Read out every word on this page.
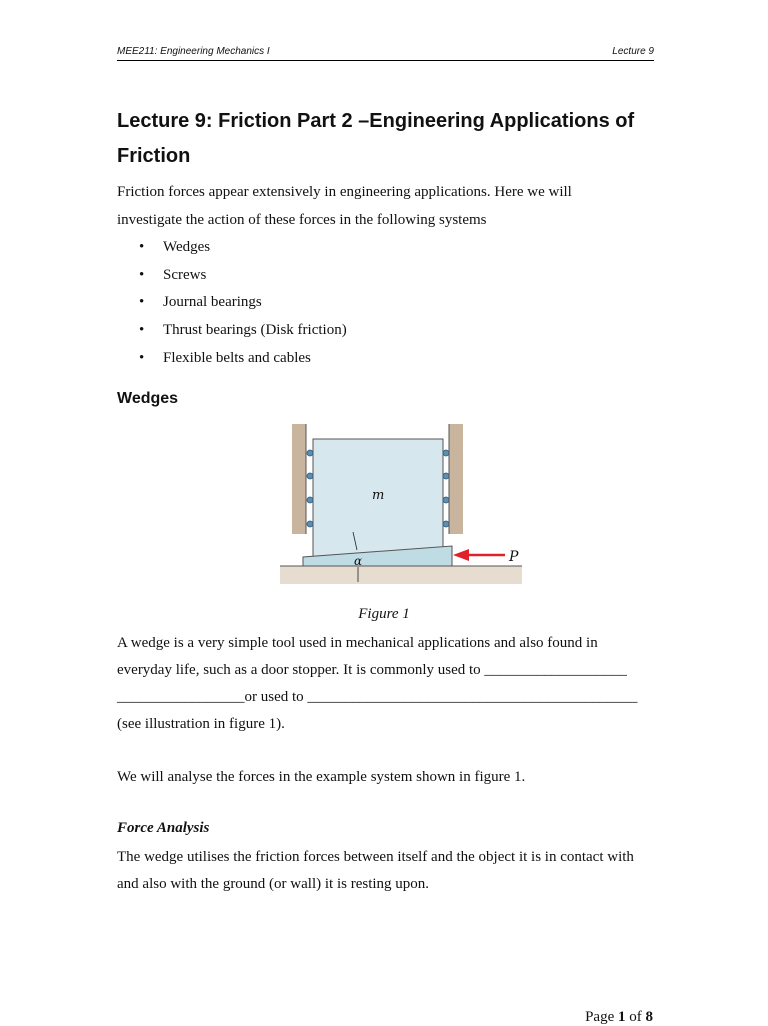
MEE211: Engineering Mechanics I	Lecture 9
Lecture 9: Friction Part 2 –Engineering Applications of Friction

Friction forces appear extensively in engineering applications. Here we will

investigate the action of these forces in the following systems

• Wedges
• Screws
• Journal bearings
• Thrust bearings (Disk friction)
• Flexible belts and cables
Wedges
α
m
P
Figure 1

A wedge is a very simple tool used in mechanical applications and also found in

everyday life, such as a door stopper. It is commonly used to ___________________

_________________or used to ____________________________________________

(see illustration in figure 1).

We will analyse the forces in the example system shown in figure 1.

Force Analysis

The wedge utilises the friction forces between itself and the object it is in contact with

and also with the ground (or wall) it is resting upon.

Page 1 of 8
